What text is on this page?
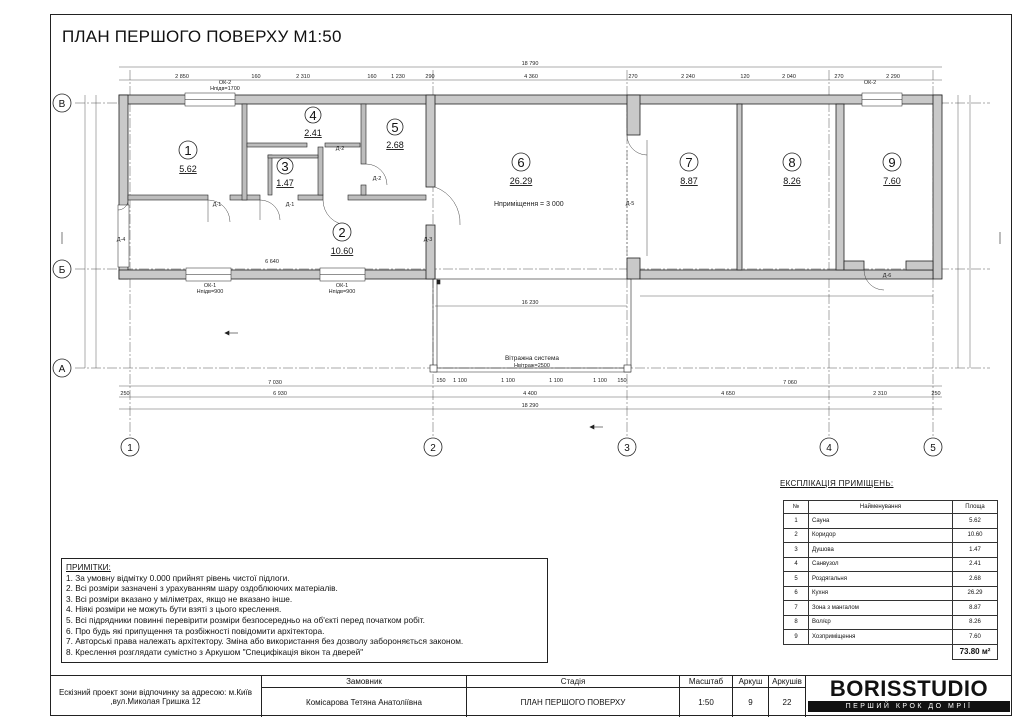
ПЛАН ПЕРШОГО ПОВЕРХУ М1:50
В
Б
А
1	2	3	4	5
1
2
3
4
5
6	7	8	9
5.62
10.60
1.47
2.41
2.68
26.29	8.87	8.26	7.60
18 790
2 850	160	2 310	160	1 230	290	4 360	270	2 240	120	2 040	270	2 290
ОК-2
Hпідв=1700
ОК-2
6 640
16 230
ОК-1
Hпідв=900
ОК-1
Hпідв=900
7 030	7 060
250	6 930	4 400	4 650	2 310	250
18 290
1 100	1 100	1 100	1 100
150	150
Hприміщення = 3 000
Вітражна система
Hвітраж=2500
Д-1	Д-1
Д-2
Д-2
Д-3
Д-4
Д-5
Д-6
ПРИМІТКИ:
1. За умовну відмітку 0.000 прийнят рівень чистої підлоги.
2. Всі розміри зазначені з урахуванням шару оздоблюючих матеріалів.
3. Всі розміри вказано у міліметрах, якщо не вказано інше.
4. Ніякі розміри не можуть бути взяті з цього креслення.
5. Всі підрядники повинні перевірити розміри безпосередньо на об'єкті перед початком робіт.
6. Про будь які припущення та розбіжності повідомити архітектора.
7. Авторські права належать архітектору. Зміна або використання без дозволу забороняється законом.
8. Креслення розглядати сумістно з Аркушом "Специфікація вікон та дверей"
ЕКСПЛІКАЦІЯ ПРИМІЩЕНЬ:
№	Найменування	Площа
1	Сауна	5.62
2	Коридор	10.60
3	Душова	1.47
4	Санвузол	2.41
5	Роздягальня	2.68
6	Кухня	26.29
7	Зона з мангалом	8.87
8	Вол/єр	8.26
9	Хозприміщення	7.60
		73.80 м²
Ескізний проект зони відпочинку за адресою: м.Київ ,вул.Миколая Гришка 12
Замовник
Комісарова Тетяна Анатоліївна
Стадія
ПЛАН ПЕРШОГО ПОВЕРХУ
Масштаб
1:50
Аркуш
9
Аркушів
22
BORISSTUDIO
ПЕРШИЙ КРОК ДО МРІЇ
